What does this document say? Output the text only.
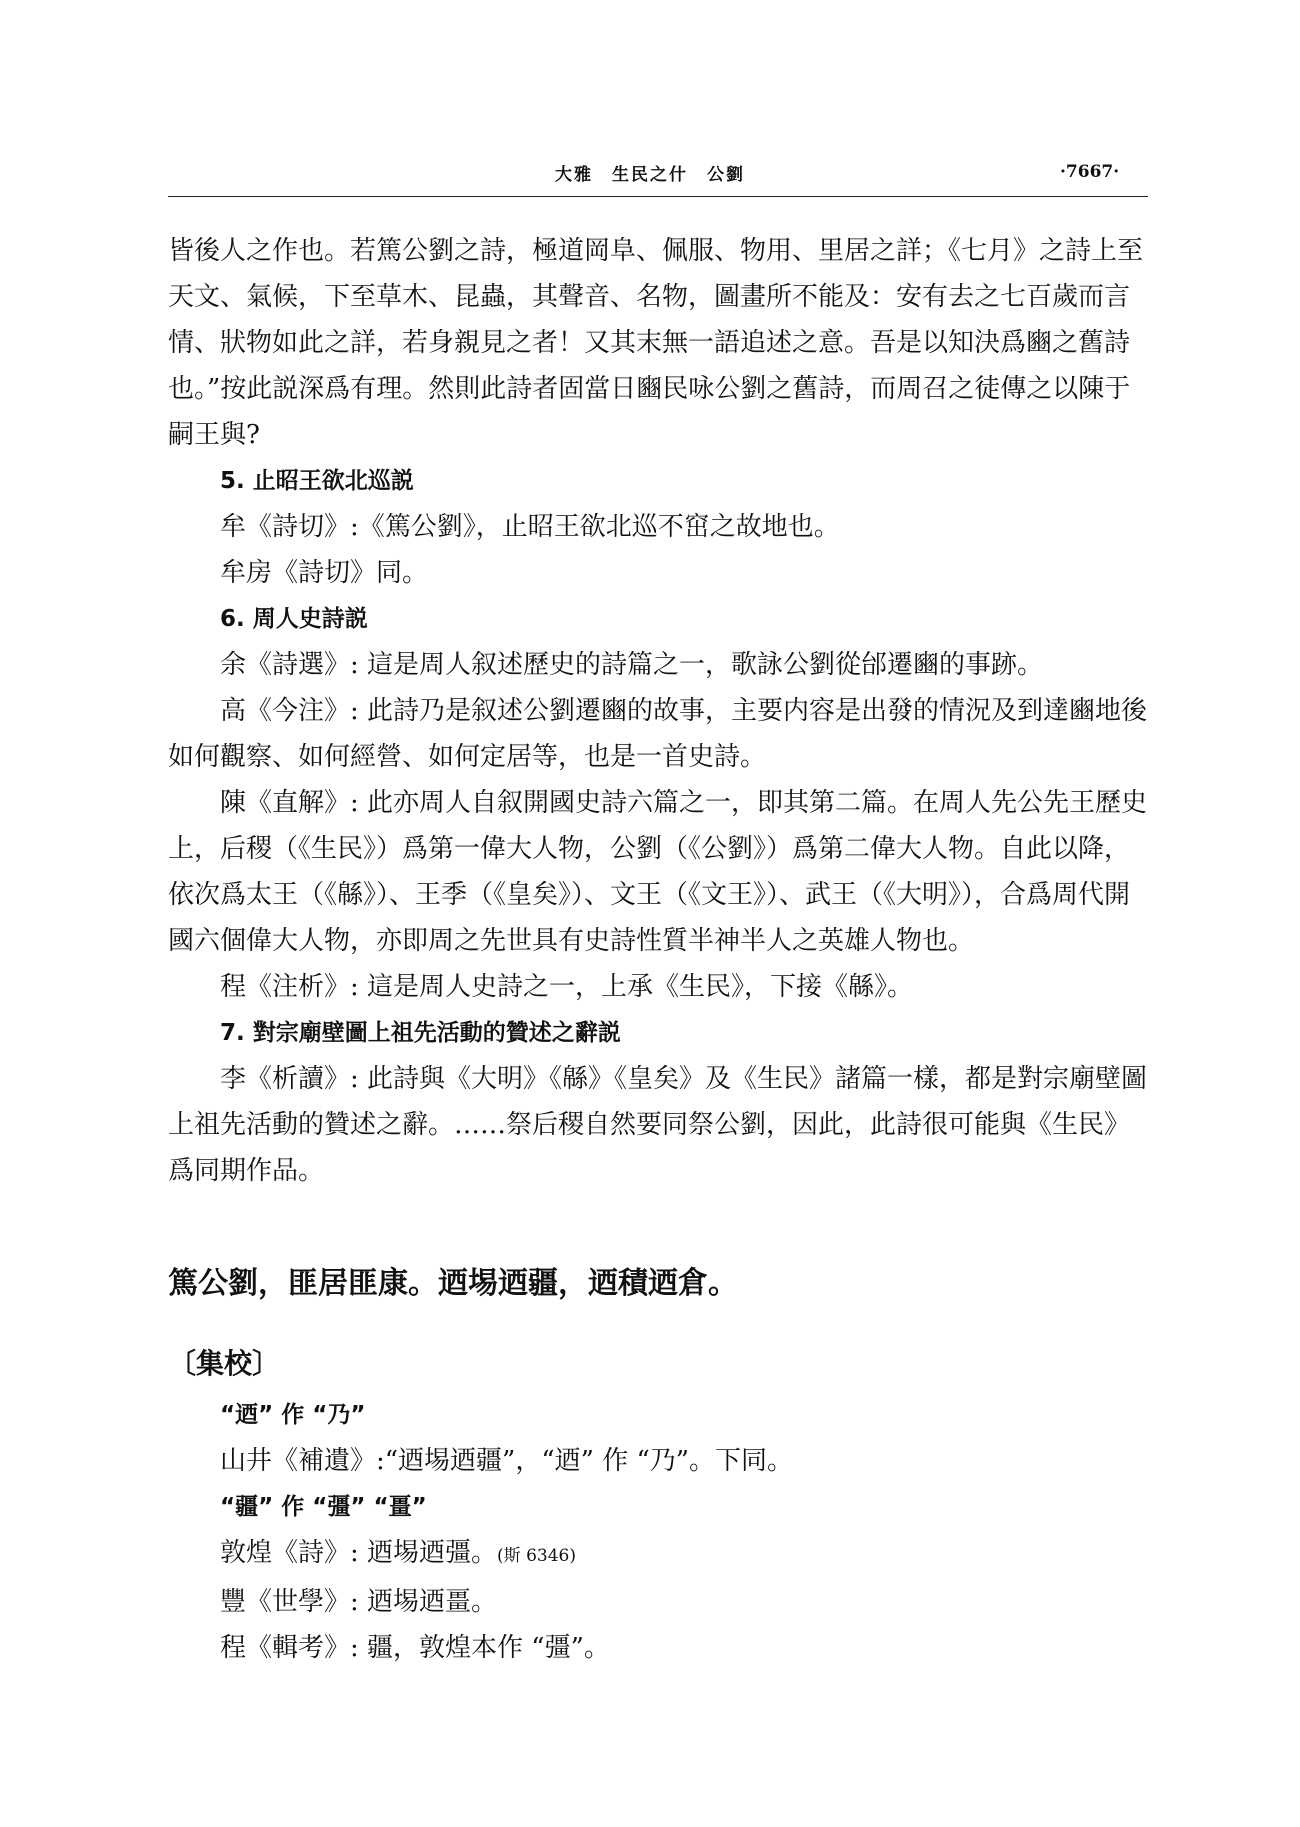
大雅　生民之什　公劉	·7667·

皆後人之作也。若篤公劉之詩，極道岡阜、佩服、物用、里居之詳；《七月》之詩上至天文、氣候，下至草木、昆蟲，其聲音、名物，圖畫所不能及：安有去之七百歲而言情、狀物如此之詳，若身親見之者！又其末無一語追述之意。吾是以知決爲豳之舊詩也。”按此説深爲有理。然則此詩者固當日豳民咏公劉之舊詩，而周召之徒傳之以陳于嗣王與?

5. 止昭王欲北巡説

牟《詩切》:《篤公劉》，止昭王欲北巡不窋之故地也。

牟房《詩切》同。

6. 周人史詩説

余《詩選》: 這是周人叙述歷史的詩篇之一，歌詠公劉從邰遷豳的事跡。

高《今注》: 此詩乃是叙述公劉遷豳的故事，主要内容是出發的情況及到達豳地後如何觀察、如何經營、如何定居等，也是一首史詩。

陳《直解》: 此亦周人自叙開國史詩六篇之一，即其第二篇。在周人先公先王歷史上，后稷（《生民》）爲第一偉大人物，公劉（《公劉》）爲第二偉大人物。自此以降，依次爲太王（《緜》）、王季（《皇矣》）、文王（《文王》）、武王（《大明》），合爲周代開國六個偉大人物，亦即周之先世具有史詩性質半神半人之英雄人物也。

程《注析》: 這是周人史詩之一，上承《生民》，下接《緜》。

7. 對宗廟壁圖上祖先活動的贊述之辭説

李《析讀》: 此詩與《大明》《緜》《皇矣》及《生民》諸篇一樣，都是對宗廟壁圖上祖先活動的贊述之辭。……祭后稷自然要同祭公劉，因此，此詩很可能與《生民》爲同期作品。

篤公劉，匪居匪康。迺埸迺疆，迺積迺倉。

〔集校〕

“迺” 作 “乃”

山井《補遺》:“迺埸迺疆”，“迺” 作 “乃”。下同。

“疆” 作 “彊” “畺”

敦煌《詩》: 迺埸迺彊。(斯 6346)

豐《世學》: 迺埸迺畺。

程《輯考》: 疆，敦煌本作 “彊”。
